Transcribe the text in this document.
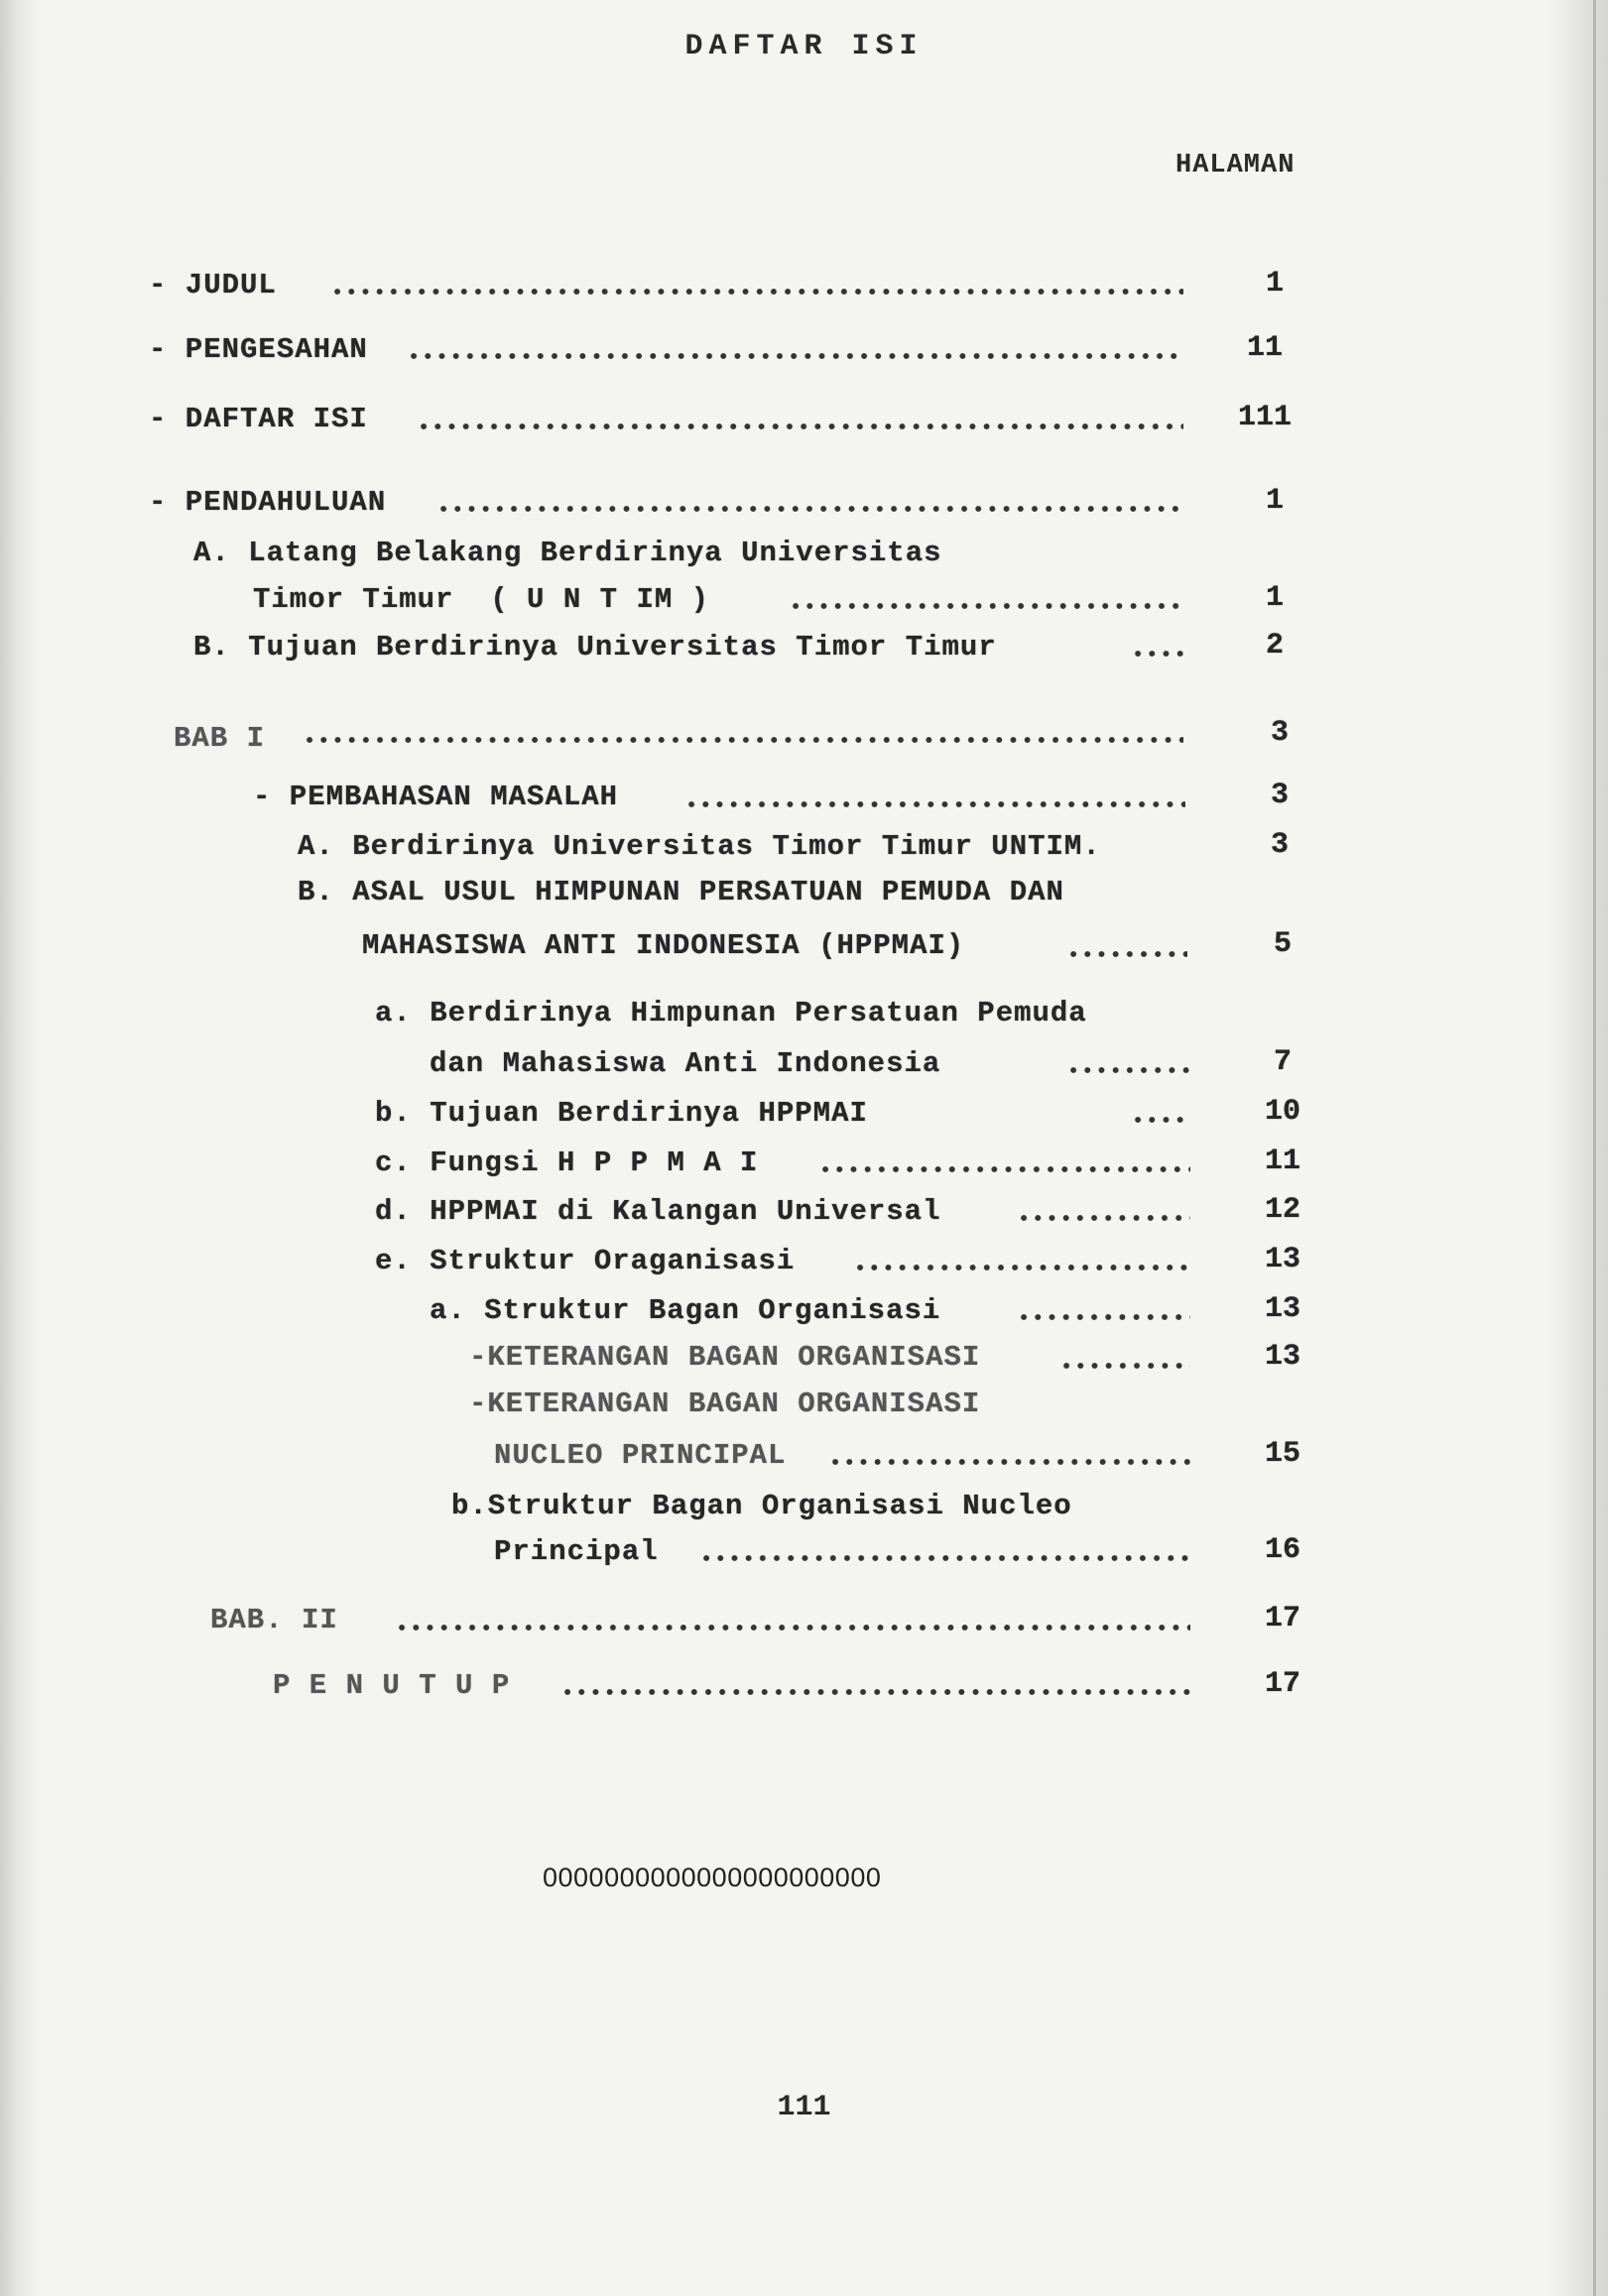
DAFTAR ISI
HALAMAN
- JUDUL	1
- PENGESAHAN	11
- DAFTAR ISI	111
- PENDAHULUAN	1
A. Latang Belakang Berdirinya Universitas
Timor Timur  ( U N T IM )	1
B. Tujuan Berdirinya Universitas Timor Timur	2
BAB I	3
- PEMBAHASAN MASALAH	3
A. Berdirinya Universitas Timor Timur UNTIM.	3
B. ASAL USUL HIMPUNAN PERSATUAN PEMUDA DAN
MAHASISWA ANTI INDONESIA (HPPMAI)	5
a. Berdirinya Himpunan Persatuan Pemuda
dan Mahasiswa Anti Indonesia	7
b. Tujuan Berdirinya HPPMAI	10
c. Fungsi H P P M A I	11
d. HPPMAI di Kalangan Universal	12
e. Struktur Oraganisasi	13
a. Struktur Bagan Organisasi	13
-KETERANGAN BAGAN ORGANISASI	13
-KETERANGAN BAGAN ORGANISASI
NUCLEO PRINCIPAL	15
b.Struktur Bagan Organisasi Nucleo
Principal	16
BAB. II	17
P E N U T U P	17
0000000000000000000000
111
